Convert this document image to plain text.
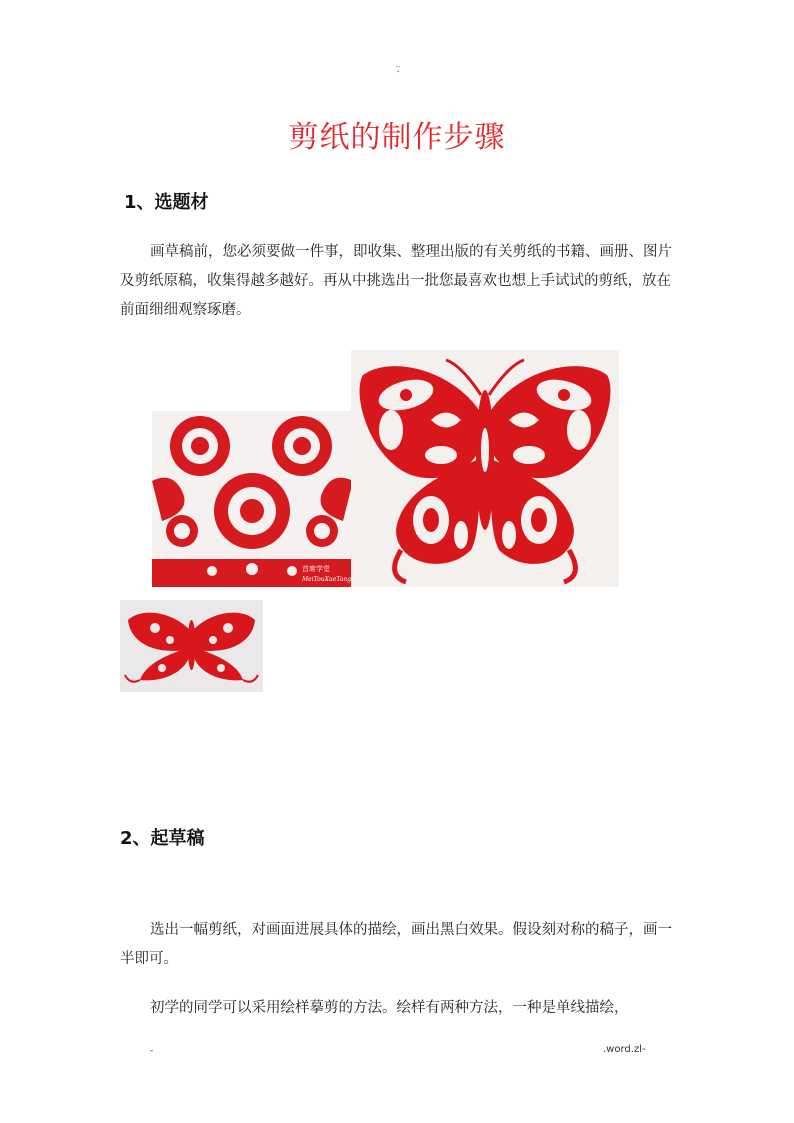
..
-
剪纸的制作步骤
1、选题材
画草稿前，您必须要做一件事，即收集、整理出版的有关剪纸的书籍、画册、图片及剪纸原稿，收集得越多越好。再从中挑选出一批您最喜欢也想上手试试的剪纸，放在前面细细观察琢磨。
首席学堂
MeiTouXueTang
2、起草稿
选出一幅剪纸，对画面进展具体的描绘，画出黑白效果。假设刻对称的稿子，画一半即可。
初学的同学可以采用绘样摹剪的方法。绘样有两种方法，一种是单线描绘，
-	.word.zl-
